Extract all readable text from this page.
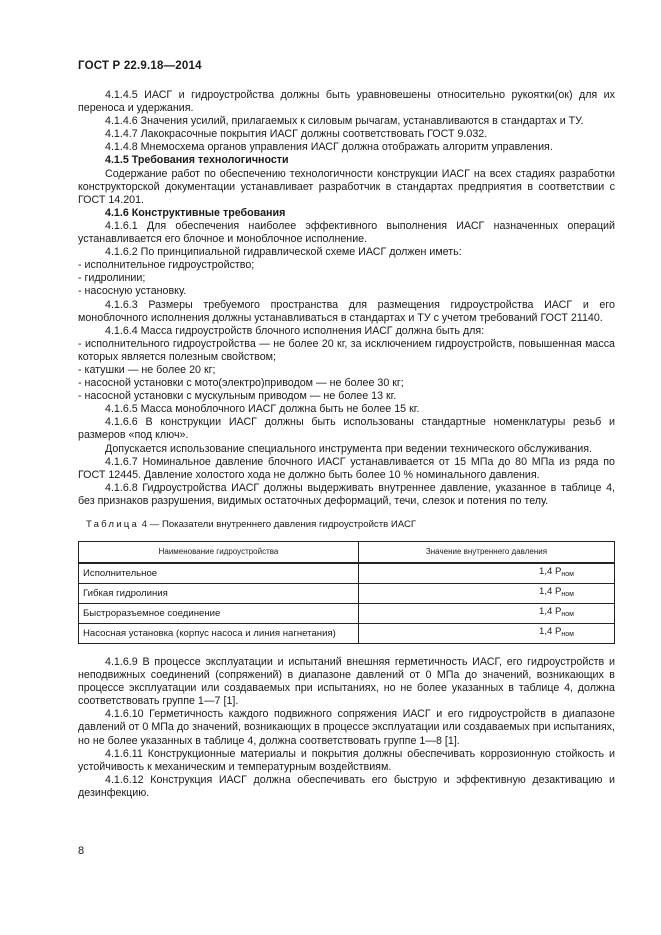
ГОСТ Р 22.9.18—2014

4.1.4.5 ИАСГ и гидроустройства должны быть уравновешены относительно рукоятки(ок) для их переноса и удержания.

4.1.4.6 Значения усилий, прилагаемых к силовым рычагам, устанавливаются в стандартах и ТУ.

4.1.4.7 Лакокрасочные покрытия ИАСГ должны соответствовать ГОСТ 9.032.

4.1.4.8 Мнемосхема органов управления ИАСГ должна отображать алгоритм управления.

4.1.5 Требования технологичности

Содержание работ по обеспечению технологичности конструкции ИАСГ на всех стадиях разработки конструкторской документации устанавливает разработчик в стандартах предприятия в соответствии с ГОСТ 14.201.

4.1.6 Конструктивные требования

4.1.6.1 Для обеспечения наиболее эффективного выполнения ИАСГ назначенных операций устанавливается его блочное и моноблочное исполнение.

4.1.6.2 По принципиальной гидравлической схеме ИАСГ должен иметь:

- исполнительное гидроустройство;

- гидролинии;

- насосную установку.

4.1.6.3 Размеры требуемого пространства для размещения гидроустройства ИАСГ и его моноблочного исполнения должны устанавливаться в стандартах и ТУ с учетом требований ГОСТ 21140.

4.1.6.4 Масса гидроустройств блочного исполнения ИАСГ должна быть для:

- исполнительного гидроустройства — не более 20 кг, за исключением гидроустройств, повышенная масса которых является полезным свойством;

- катушки — не более 20 кг;

- насосной установки с мото(электро)приводом — не более 30 кг;

- насосной установки с мускульным приводом — не более 13 кг.

4.1.6.5 Масса моноблочного ИАСГ должна быть не более 15 кг.

4.1.6.6 В конструкции ИАСГ должны быть использованы стандартные номенклатуры резьб и размеров «под ключ».

Допускается использование специального инструмента при ведении технического обслуживания.

4.1.6.7 Номинальное давление блочного ИАСГ устанавливается от 15 МПа до 80 МПа из ряда по ГОСТ 12445. Давление холостого хода не должно быть более 10 % номинального давления.

4.1.6.8 Гидроустройства ИАСГ должны выдерживать внутреннее давление, указанное в таблице 4, без признаков разрушения, видимых остаточных деформаций, течи, слезок и потения по телу.

Таблица 4 — Показатели внутреннего давления гидроустройств ИАСГ
Наименование гидроустройства	Значение внутреннего давления
Исполнительное	1,4 $P_{ном}$
Гибкая гидролиния	1,4 $P_{ном}$
Быстроразъемное соединение	1,4 $P_{ном}$
Насосная установка (корпус насоса и линия нагнетания)	1,4 $P_{ном}$

4.1.6.9 В процессе эксплуатации и испытаний внешняя герметичность ИАСГ, его гидроустройств и неподвижных соединений (сопряжений) в диапазоне давлений от 0 МПа до значений, возникающих в процессе эксплуатации или создаваемых при испытаниях, но не более указанных в таблице 4, должна соответствовать группе 1—7 [1].

4.1.6.10 Герметичность каждого подвижного сопряжения ИАСГ и его гидроустройств в диапазоне давлений от 0 МПа до значений, возникающих в процессе эксплуатации или создаваемых при испытаниях, но не более указанных в таблице 4, должна соответствовать группе 1—8 [1].

4.1.6.11 Конструкционные материалы и покрытия должны обеспечивать коррозионную стойкость и устойчивость к механическим и температурным воздействиям.

4.1.6.12 Конструкция ИАСГ должна обеспечивать его быструю и эффективную дезактивацию и дезинфекцию.

8
